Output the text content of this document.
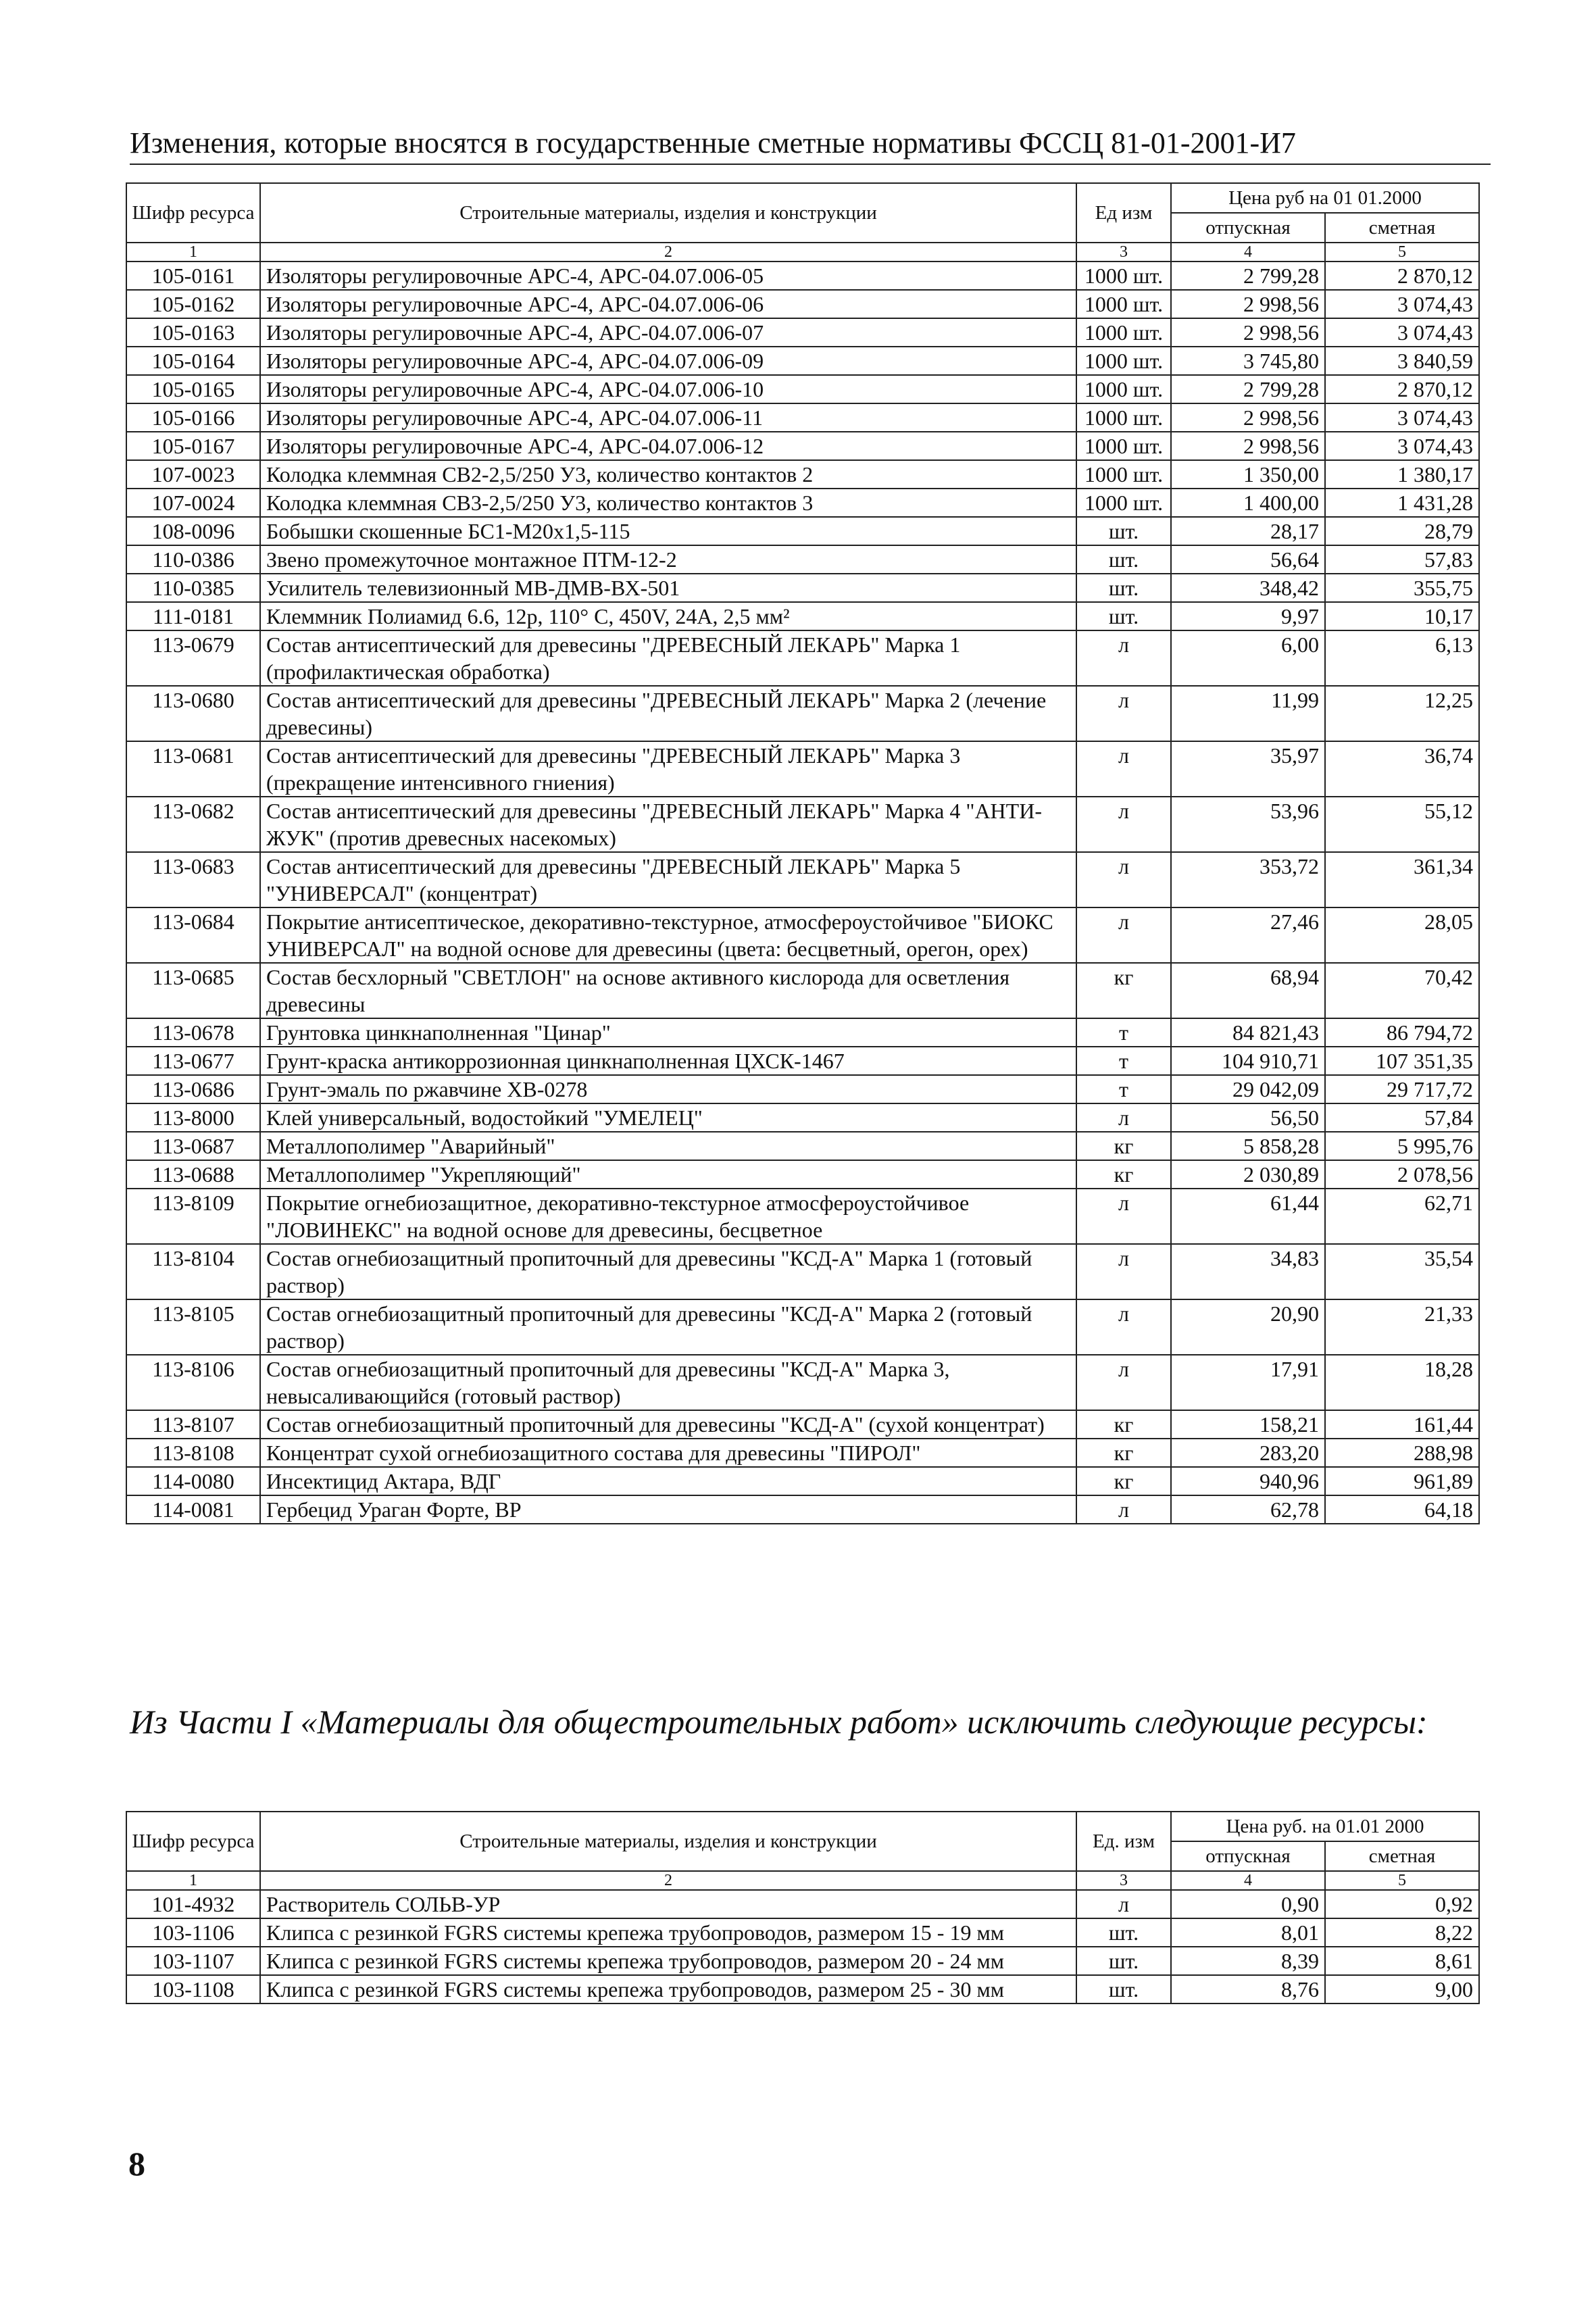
Изменения, которые вносятся в государственные сметные нормативы ФССЦ 81-01-2001-И7
Шифр ресурса	Строительные материалы, изделия и конструкции	Ед изм	Цена руб на 01 01.2000	
			отпускная	сметная
1	2	3	4	5
105-0161	Изоляторы регулировочные АРС-4, АРС-04.07.006-05	1000 шт.	2 799,28	2 870,12
105-0162	Изоляторы регулировочные АРС-4, АРС-04.07.006-06	1000 шт.	2 998,56	3 074,43
105-0163	Изоляторы регулировочные АРС-4, АРС-04.07.006-07	1000 шт.	2 998,56	3 074,43
105-0164	Изоляторы регулировочные АРС-4, АРС-04.07.006-09	1000 шт.	3 745,80	3 840,59
105-0165	Изоляторы регулировочные АРС-4, АРС-04.07.006-10	1000 шт.	2 799,28	2 870,12
105-0166	Изоляторы регулировочные АРС-4, АРС-04.07.006-11	1000 шт.	2 998,56	3 074,43
105-0167	Изоляторы регулировочные АРС-4, АРС-04.07.006-12	1000 шт.	2 998,56	3 074,43
107-0023	Колодка клеммная СВ2-2,5/250 У3, количество контактов 2	1000 шт.	1 350,00	1 380,17
107-0024	Колодка клеммная СВ3-2,5/250 У3, количество контактов 3	1000 шт.	1 400,00	1 431,28
108-0096	Бобышки скошенные БС1-М20х1,5-115	шт.	28,17	28,79
110-0386	Звено промежуточное монтажное ПТМ-12-2	шт.	56,64	57,83
110-0385	Усилитель телевизионный МВ-ДМВ-ВХ-501	шт.	348,42	355,75
111-0181	Клеммник Полиамид 6.6, 12р, 110° С, 450V, 24А, 2,5 мм²	шт.	9,97	10,17
113-0679	Состав антисептический для древесины "ДРЕВЕСНЫЙ ЛЕКАРЬ" Марка 1 (профилактическая обработка)	л	6,00	6,13
113-0680	Состав антисептический для древесины "ДРЕВЕСНЫЙ ЛЕКАРЬ" Марка 2 (лечение древесины)	л	11,99	12,25
113-0681	Состав антисептический для древесины "ДРЕВЕСНЫЙ ЛЕКАРЬ" Марка 3 (прекращение интенсивного гниения)	л	35,97	36,74
113-0682	Состав антисептический для древесины "ДРЕВЕСНЫЙ ЛЕКАРЬ" Марка 4 "АНТИ-ЖУК" (против древесных насекомых)	л	53,96	55,12
113-0683	Состав антисептический для древесины "ДРЕВЕСНЫЙ ЛЕКАРЬ" Марка 5 "УНИВЕРСАЛ" (концентрат)	л	353,72	361,34
113-0684	Покрытие антисептическое, декоративно-текстурное, атмосфероустойчивое "БИОКС УНИВЕРСАЛ" на водной основе для древесины (цвета: бесцветный, орегон, орех)	л	27,46	28,05
113-0685	Состав бесхлорный "СВЕТЛОН" на основе активного кислорода для осветления древесины	кг	68,94	70,42
113-0678	Грунтовка цинкнаполненная "Цинар"	т	84 821,43	86 794,72
113-0677	Грунт-краска антикоррозионная цинкнаполненная ЦХСК-1467	т	104 910,71	107 351,35
113-0686	Грунт-эмаль по ржавчине ХВ-0278	т	29 042,09	29 717,72
113-8000	Клей универсальный, водостойкий "УМЕЛЕЦ"	л	56,50	57,84
113-0687	Металлополимер "Аварийный"	кг	5 858,28	5 995,76
113-0688	Металлополимер "Укрепляющий"	кг	2 030,89	2 078,56
113-8109	Покрытие огнебиозащитное, декоративно-текстурное атмосфероустойчивое "ЛОВИНЕКС" на водной основе для древесины, бесцветное	л	61,44	62,71
113-8104	Состав огнебиозащитный пропиточный для древесины "КСД-А" Марка 1 (готовый раствор)	л	34,83	35,54
113-8105	Состав огнебиозащитный пропиточный для древесины "КСД-А" Марка 2 (готовый раствор)	л	20,90	21,33
113-8106	Состав огнебиозащитный пропиточный для древесины "КСД-А" Марка 3, невысаливающийся (готовый раствор)	л	17,91	18,28
113-8107	Состав огнебиозащитный пропиточный для древесины "КСД-А" (сухой концентрат)	кг	158,21	161,44
113-8108	Концентрат сухой огнебиозащитного состава для древесины "ПИРОЛ"	кг	283,20	288,98
114-0080	Инсектицид Актара, ВДГ	кг	940,96	961,89
114-0081	Гербецид Ураган Форте, ВР	л	62,78	64,18
Из Части I «Материалы для общестроительных работ» исключить следующие ресурсы:
Шифр ресурса	Строительные материалы, изделия и конструкции	Ед. изм	Цена руб. на 01.01 2000	
			отпускная	сметная
1	2	3	4	5
101-4932	Растворитель СОЛЬВ-УР	л	0,90	0,92
103-1106	Клипса с резинкой FGRS системы крепежа трубопроводов, размером 15 - 19 мм	шт.	8,01	8,22
103-1107	Клипса с резинкой FGRS системы крепежа трубопроводов, размером 20 - 24 мм	шт.	8,39	8,61
103-1108	Клипса с резинкой FGRS системы крепежа трубопроводов, размером 25 - 30 мм	шт.	8,76	9,00
8
